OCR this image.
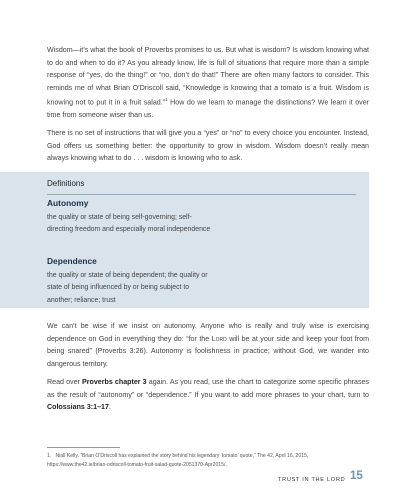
Wisdom—it’s what the book of Proverbs promises to us. But what is wisdom? Is wisdom knowing what to do and when to do it? As you already know, life is full of situations that require more than a simple response of “yes, do the thing!” or “no, don’t do that!” There are often many factors to consider. This reminds me of what Brian O’Driscoll said, “Knowledge is knowing that a tomato is a fruit. Wisdom is knowing not to put it in a fruit salad.”$^1$ How do we learn to manage the distinctions? We learn it over time from someone wiser than us.

There is no set of instructions that will give you a “yes” or “no” to every choice you encounter. Instead, God offers us something better: the opportunity to grow in wisdom. Wisdom doesn’t really mean always knowing what to do . . . wisdom is knowing who to ask.

Definitions
Autonomy

the quality or state of being self-governing; self-directing freedom and especially moral independence

Dependence

the quality or state of being dependent; the quality or state of being influenced by or being subject to another; reliance; trust

We can’t be wise if we insist on autonomy. Anyone who is really and truly wise is exercising dependence on God in everything they do: “for the Lord will be at your side and keep your foot from being snared” (Proverbs 3:26). Autonomy is foolishness in practice; without God, we wander into dangerous territory.

Read over Proverbs chapter 3 again. As you read, use the chart to categorize some specific phrases as the result of “autonomy” or “dependence.” If you want to add more phrases to your chart, turn to Colossians 3:1–17.

1. Niall Kelly, “Brian O’Driscoll has explained the story behind his legendary ‘tomato’ quote,” The 42, April 16, 2015, https://www.the42.ie/brian-odriscoll-tomato-fruit-salad-quote-2051370-Apr2015/.

TRUST IN THE LORD 15
